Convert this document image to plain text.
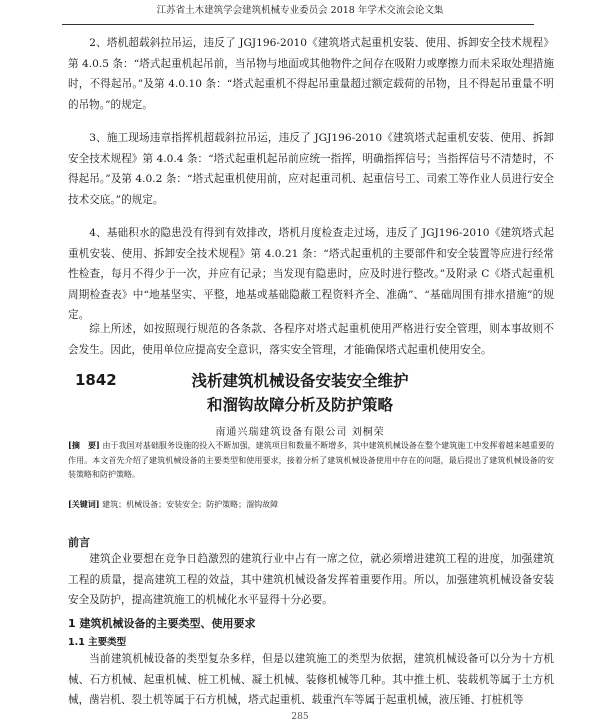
江苏省土木建筑学会建筑机械专业委员会 2018 年学术交流会论文集

2、塔机超载斜拉吊运，违反了 JGJ196-2010《建筑塔式起重机安装、使用、拆卸安全技术规程》第 4.0.5 条：“塔式起重机起吊前，当吊物与地面或其他物件之间存在吸附力或摩擦力而未采取处理措施时，不得起吊。”及第 4.0.10 条：“塔式起重机不得起吊重量超过额定载荷的吊物，且不得起吊重量不明的吊物。”的规定。

3、施工现场违章指挥机超载斜拉吊运，违反了 JGJ196-2010《建筑塔式起重机安装、使用、拆卸安全技术规程》第 4.0.4 条：“塔式起重机起吊前应统一指挥，明确指挥信号；当指挥信号不清楚时，不得起吊。”及第 4.0.2 条：“塔式起重机使用前，应对起重司机、起重信号工、司索工等作业人员进行安全技术交底。”的规定。

4、基础积水的隐患没有得到有效排改，塔机月度检查走过场，违反了 JGJ196-2010《建筑塔式起重机安装、使用、拆卸安全技术规程》第 4.0.21 条：“塔式起重机的主要部件和安全装置等应进行经常性检查，每月不得少于一次，并应有记录；当发现有隐患时，应及时进行整改。”及附录 C《塔式起重机周期检查表》中“地基坚实、平整，地基或基础隐蔽工程资料齐全、准确”、“基础周围有排水措施”的规定。

综上所述，如按照现行规范的各条款、各程序对塔式起重机使用严格进行安全管理，则本事故则不会发生。因此，使用单位应提高安全意识，落实安全管理，才能确保塔式起重机使用安全。

1842	浅析建筑机械设备安装安全维护
和溜钩故障分析及防护策略
南通兴瑞建筑设备有限公司 刘桐荣

[摘　要] 由于我国对基础服务设施的投入不断加强，建筑项目和数量不断增多，其中建筑机械设备在整个建筑施工中发挥着越来越重要的作用。本文首先介绍了建筑机械设备的主要类型和使用要求，接着分析了建筑机械设备使用中存在的问题，最后提出了建筑机械设备的安装策略和防护策略。

[关键词] 建筑；机械设备；安装安全；防护策略；溜钩故障

前言

建筑企业要想在竞争日趋激烈的建筑行业中占有一席之位，就必须增进建筑工程的进度，加强建筑工程的质量，提高建筑工程的效益，其中建筑机械设备发挥着重要作用。所以，加强建筑机械设备安装安全及防护，提高建筑施工的机械化水平显得十分必要。

1 建筑机械设备的主要类型、使用要求
1.1 主要类型

当前建筑机械设备的类型复杂多样，但是以建筑施工的类型为依据，建筑机械设备可以分为十方机械、石方机械、起重机械、桩工机械、凝土机械、装修机械等几种。其中推土机、装载机等属于土方机械，凿岩机、裂土机等属于石方机械，塔式起重机、载重汽车等属于起重机械，液压锤、打桩机等

285
